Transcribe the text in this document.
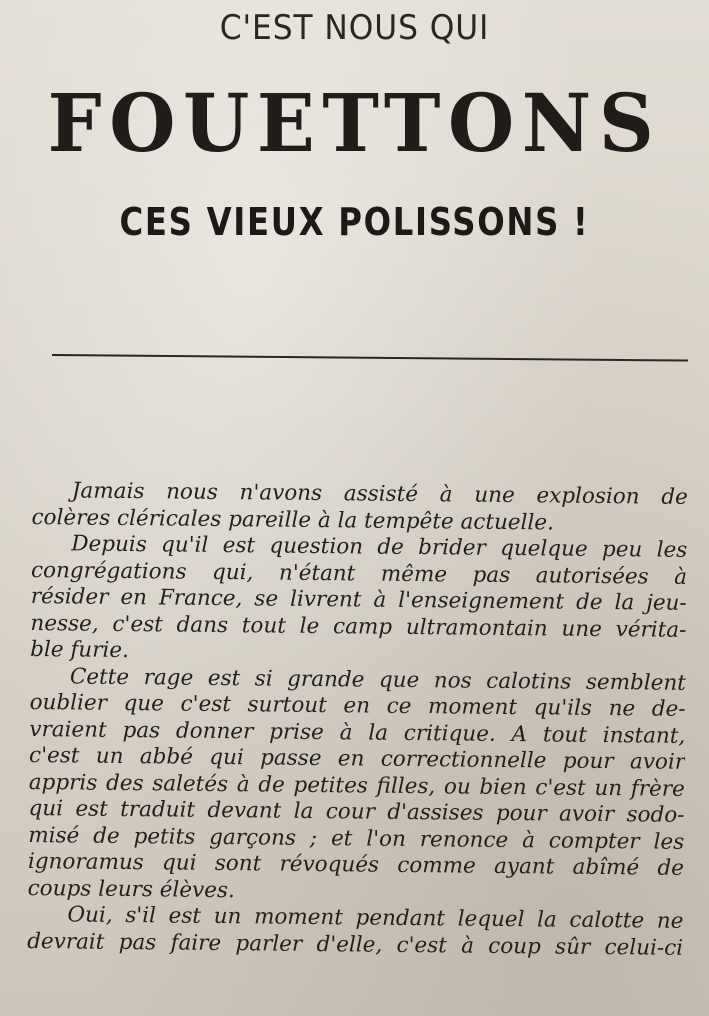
C'EST NOUS QUI
FOUETTONS
CES VIEUX POLISSONS !
Jamais nous n'avons assisté à une explosion de
colères cléricales pareille à la tempête actuelle.
Depuis qu'il est question de brider quelque peu les
congrégations qui, n'étant même pas autorisées à
résider en France, se livrent à l'enseignement de la jeu-
nesse, c'est dans tout le camp ultramontain une vérita-
ble furie.
Cette rage est si grande que nos calotins semblent
oublier que c'est surtout en ce moment qu'ils ne de-
vraient pas donner prise à la critique. A tout instant,
c'est un abbé qui passe en correctionnelle pour avoir
appris des saletés à de petites filles, ou bien c'est un frère
qui est traduit devant la cour d'assises pour avoir sodo-
misé de petits garçons ; et l'on renonce à compter les
ignoramus qui sont révoqués comme ayant abîmé de
coups leurs élèves.
Oui, s'il est un moment pendant lequel la calotte ne
devrait pas faire parler d'elle, c'est à coup sûr celui-ci
